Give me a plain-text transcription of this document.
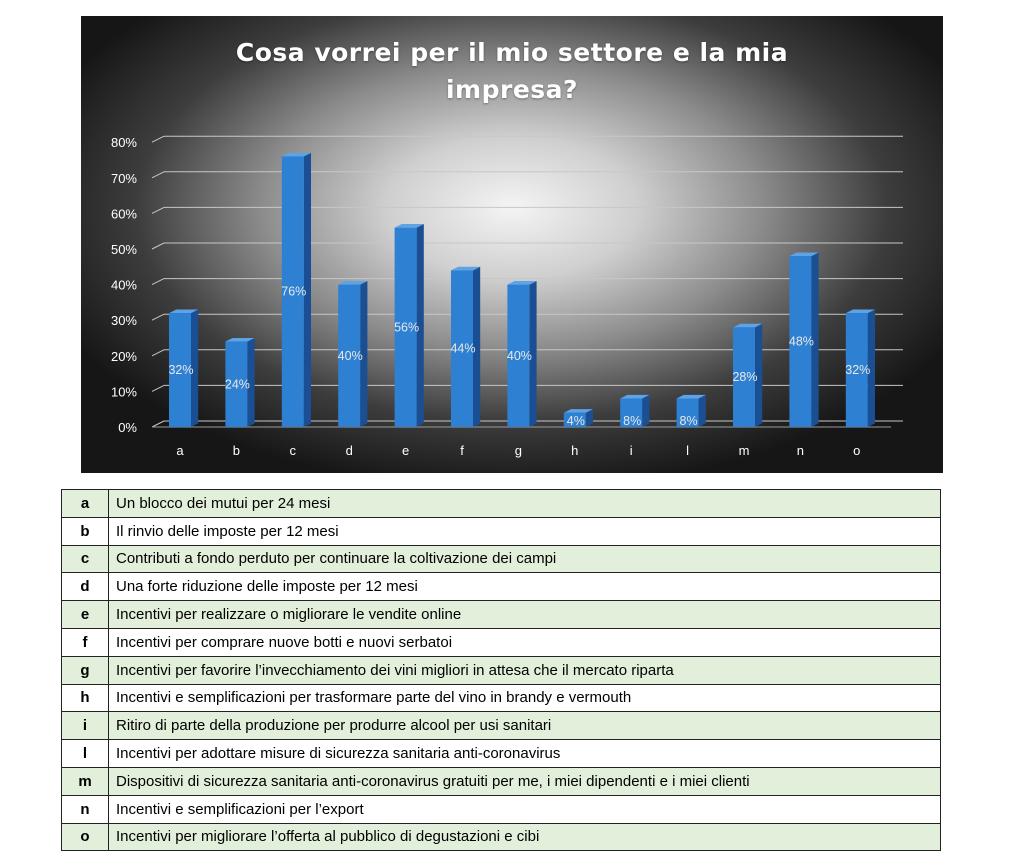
Cosa vorrei per il mio settore e la mia
impresa?
0%
10%
20%
30%
40%
50%
60%
70%
80%
32%
a
24%
b
76%
c
40%
d
56%
e
44%
f
40%
g
4%
h
8%
i
8%
l
28%
m
48%
n
32%
o
a	Un blocco dei mutui per 24 mesi
b	Il rinvio delle imposte per 12 mesi
c	Contributi a fondo perduto per continuare la coltivazione dei campi
d	Una forte riduzione delle imposte per 12 mesi
e	Incentivi per realizzare o migliorare le vendite online
f	Incentivi per comprare nuove botti e nuovi serbatoi
g	Incentivi per favorire l’invecchiamento dei vini migliori in attesa che il mercato riparta
h	Incentivi e semplificazioni per trasformare parte del vino in brandy e vermouth
i	Ritiro di parte della produzione per produrre alcool per usi sanitari
l	Incentivi per adottare misure di sicurezza sanitaria anti-coronavirus
m	Dispositivi di sicurezza sanitaria anti-coronavirus gratuiti per me, i miei dipendenti e i miei clienti
n	Incentivi e semplificazioni per l’export
o	Incentivi per migliorare l’offerta al pubblico di degustazioni e cibi
